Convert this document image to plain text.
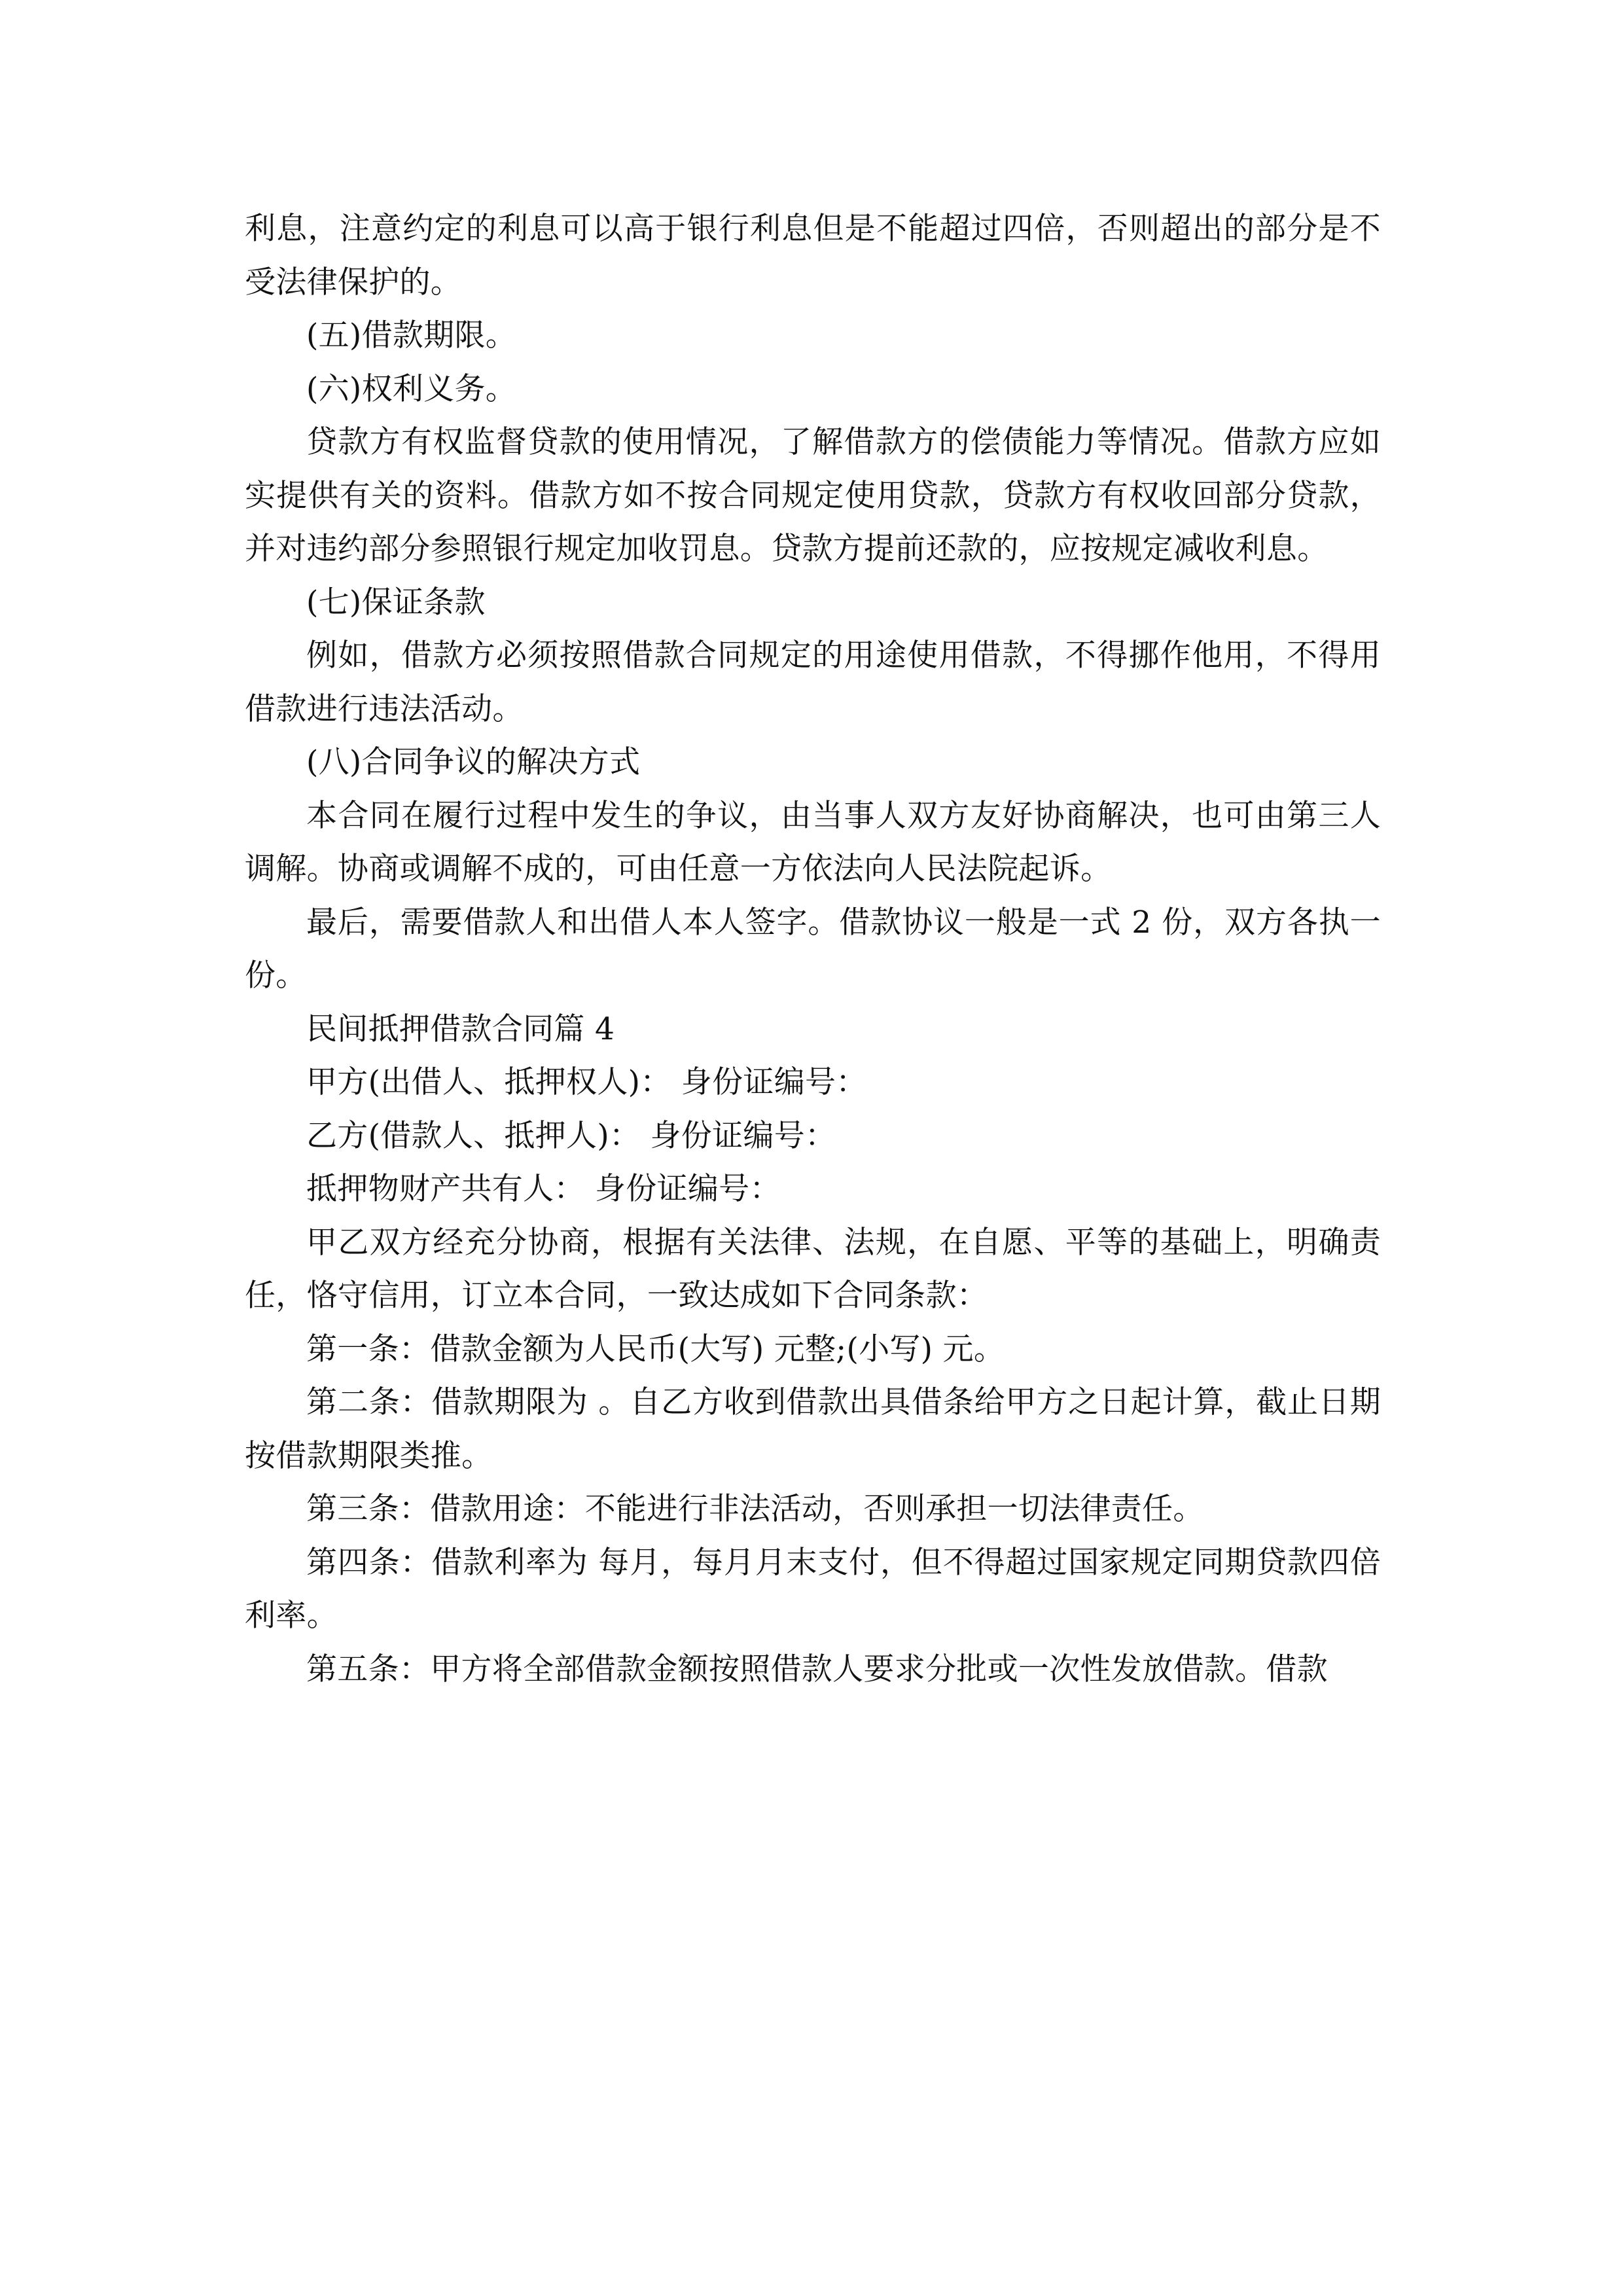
利息，注意约定的利息可以高于银行利息但是不能超过四倍，否则超出的部分是不受法律保护的。

(五)借款期限。

(六)权利义务。

贷款方有权监督贷款的使用情况，了解借款方的偿债能力等情况。借款方应如实提供有关的资料。借款方如不按合同规定使用贷款，贷款方有权收回部分贷款，并对违约部分参照银行规定加收罚息。贷款方提前还款的，应按规定减收利息。

(七)保证条款

例如，借款方必须按照借款合同规定的用途使用借款，不得挪作他用，不得用借款进行违法活动。

(八)合同争议的解决方式

本合同在履行过程中发生的争议，由当事人双方友好协商解决，也可由第三人调解。协商或调解不成的，可由任意一方依法向人民法院起诉。

最后，需要借款人和出借人本人签字。借款协议一般是一式 2 份，双方各执一份。

民间抵押借款合同篇 4

甲方(出借人、抵押权人)： 身份证编号：

乙方(借款人、抵押人)： 身份证编号：

抵押物财产共有人： 身份证编号：

甲乙双方经充分协商，根据有关法律、法规，在自愿、平等的基础上，明确责任，恪守信用，订立本合同，一致达成如下合同条款：

第一条：借款金额为人民币(大写) 元整;(小写) 元。

第二条：借款期限为 。自乙方收到借款出具借条给甲方之日起计算，截止日期按借款期限类推。

第三条：借款用途：不能进行非法活动，否则承担一切法律责任。

第四条：借款利率为 每月，每月月末支付，但不得超过国家规定同期贷款四倍利率。

第五条：甲方将全部借款金额按照借款人要求分批或一次性发放借款。借款
